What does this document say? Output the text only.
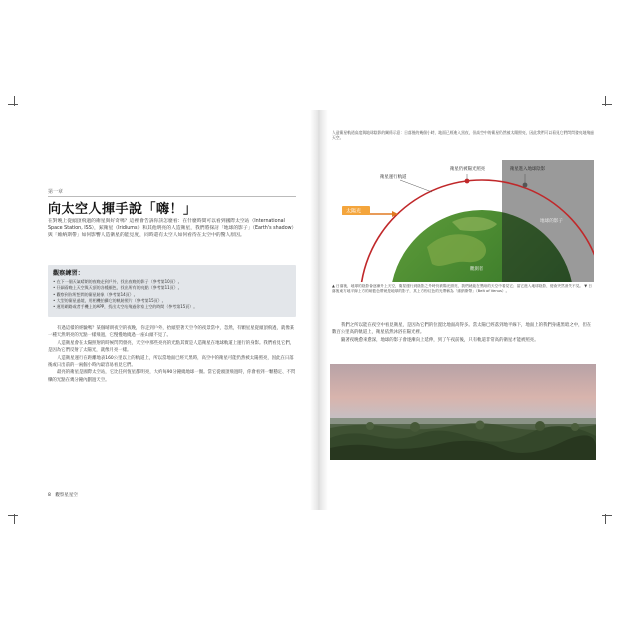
第一章
向太空人揮手說「嗨！」
在對晚上從頭頂飛過的衛星與好奇嗎？這裡會告訴你該怎麼看：在什麼時間可以看到國際太空站（International Space Station, ISS），銥衛星（Iridiums）和其他明亮的人造衛星，我們將探討「地球的影子」（Earth's shadow）與「維納斯帶」如何影響人造衛星的能見度，同時還有太空人如何看待在太空中的驚人原因。
觀察練習：
• 在下一個天氣晴朗的夜晚走到戶外，找出夜晚的影子（參考第10頁）。
• 仔細看晚上天空與天頂的各種顏色，找出所有的亮點（參考第11頁）。
• 觀察到你所想問的衛星跡象（參考第14頁）。
• 大型的衛星過境，用相機拍攝它的軌跡照片（參考第15頁）。
• 運用網路或者手機上的APP，找出太空站飛過你家上空的時間（參考第15頁）。

有過這樣的經驗嗎？某個晴朗夜空的夜晚，你走到戶外，抬頭望著天空今的夜景當中，忽然，有顆星星從頭頂飛過，就像某一種天然明亮的光點一樣飛過，它慢慢地繞過一座山頭不見了。

人造衛星會在太陽照射的時候閃閃發亮，天空中那些亮亮的光點其實是人造衛星在地球軌道上運行的身影。我們看見它們，是因為它們反射了太陽光，就像月亮一樣。

人造衛星運行在距離地表160公里以上的軌道上，所以當地面已經天黑時，高空中的衛星可能仍然被太陽照亮，因此在日落後或日出前的一兩個小時內最容易看見它們。

最亮的衛星是國際太空站，它比任何恆星都明亮，大約每90分鐘繞地球一圈。當它從頭頂飛過時，你會看到一顆穩定、不閃爍的光點在幾分鐘內劃過天空。

8　觀察星星空
人造衛星軌道高度與地球陰影的關係示意：日落後的幾個小時，地面已經進入黑夜，但高空中的衛星仍然被太陽照亮，因此我們可以看見它們閃閃發亮地飛過天空。
太陽光
衛星運行軌道
衛星仍被陽光照亮	衛星進入地球陰影
地球的影子
觀測者
▲ 日落後，地球的陰影會逐漸升上天空，衛星運行到陰影之外時仍被陽光照亮，我們就能在黑暗的天空中看見它；當它進入地球陰影，便會突然消失不見。 ▼ 日落後東方地平線上方的暗藍色帶就是地球的影子，其上方粉紅色的光帶稱為「維納斯帶」（Belt of Venus）。

我們之所以能在夜空中看見衛星，是因為它們的位置比地面高得多。當太陽已經落到地平線下，地面上的我們身處黑暗之中，但在數百公里高的軌道上，衛星依然沐浴在陽光裡。

隨著夜晚愈來愈深，地球的影子會逐漸向上延伸，到了午夜前後，只有軌道非常高的衛星才能被照亮。
